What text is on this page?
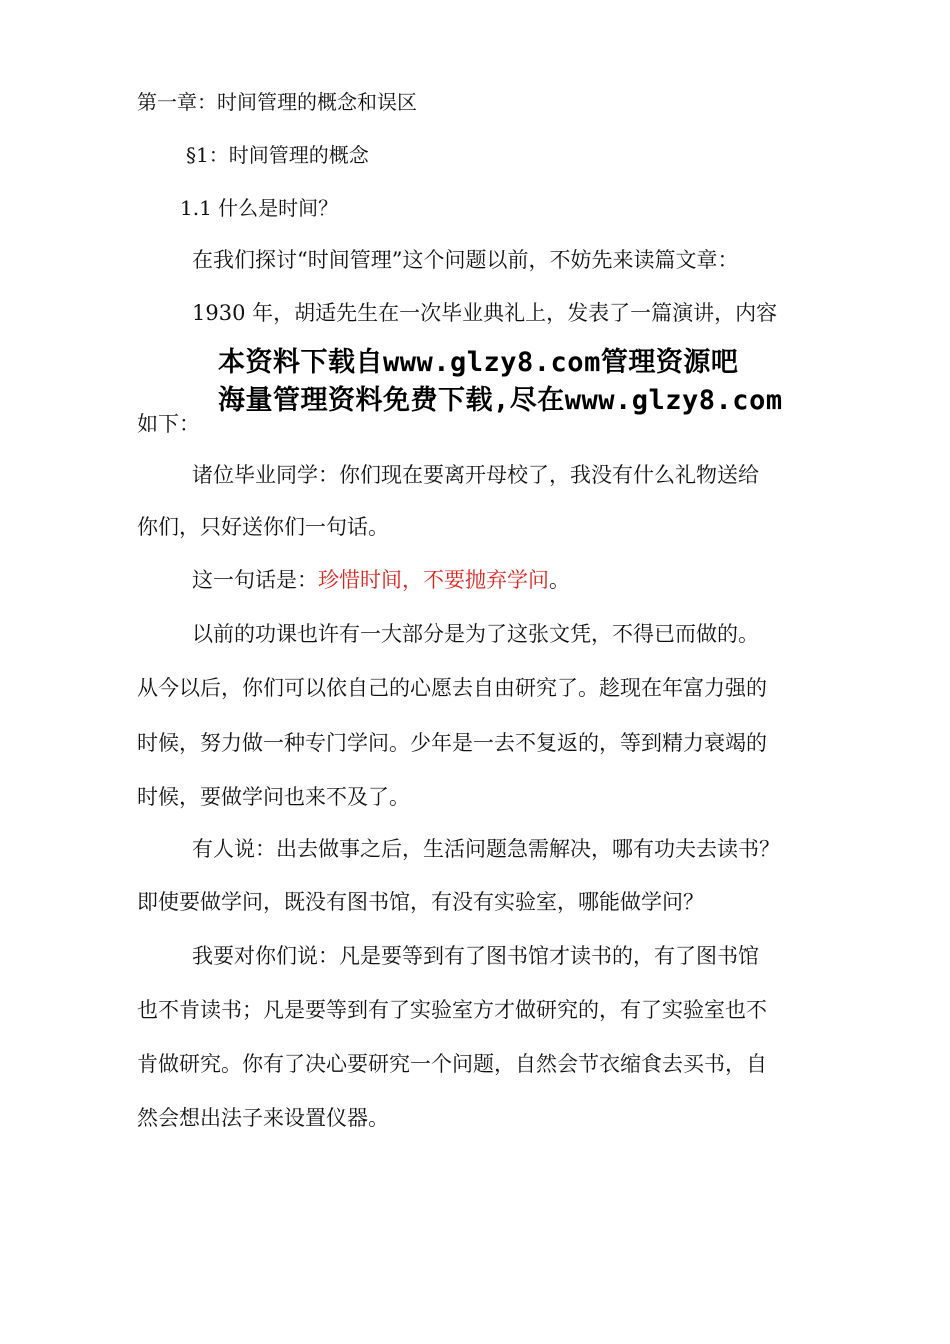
第一章：时间管理的概念和误区
§1：时间管理的概念
1.1 什么是时间？
在我们探讨“时间管理”这个问题以前，不妨先来读篇文章：
1930 年，胡适先生在一次毕业典礼上，发表了一篇演讲，内容
本资料下载自www.glzy8.com管理资源吧
海量管理资料免费下载,尽在www.glzy8.com
如下：
诸位毕业同学：你们现在要离开母校了，我没有什么礼物送给
你们，只好送你们一句话。
这一句话是：珍惜时间，不要抛弃学问。
以前的功课也许有一大部分是为了这张文凭，不得已而做的。
从今以后，你们可以依自己的心愿去自由研究了。趁现在年富力强的
时候，努力做一种专门学问。少年是一去不复返的，等到精力衰竭的
时候，要做学问也来不及了。
有人说：出去做事之后，生活问题急需解决，哪有功夫去读书？
即使要做学问，既没有图书馆，有没有实验室，哪能做学问？
我要对你们说：凡是要等到有了图书馆才读书的，有了图书馆
也不肯读书；凡是要等到有了实验室方才做研究的，有了实验室也不
肯做研究。你有了决心要研究一个问题，自然会节衣缩食去买书，自
然会想出法子来设置仪器。
